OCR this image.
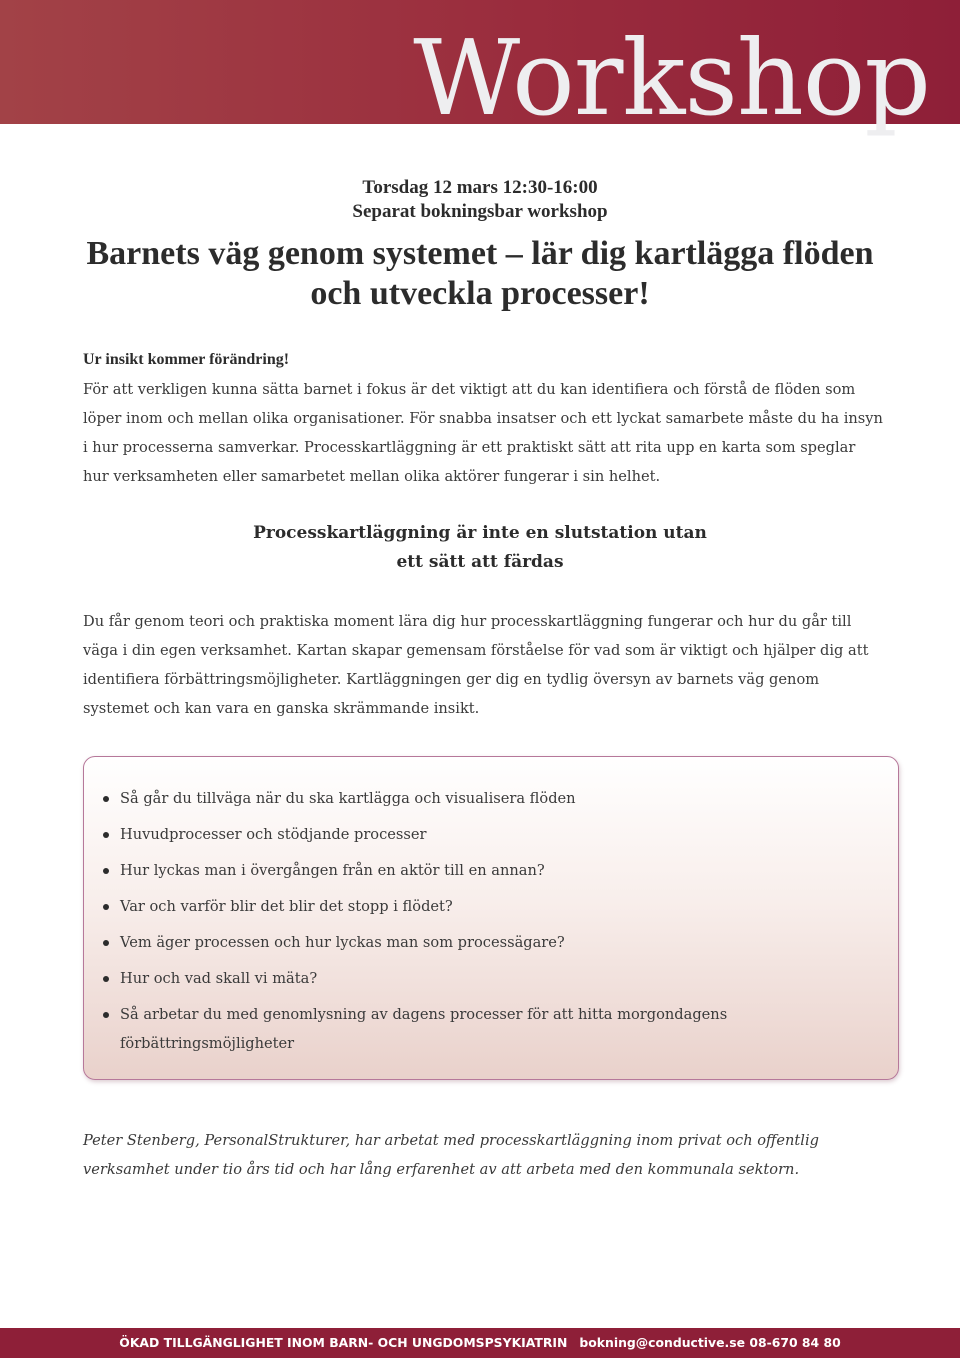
Workshop
Torsdag 12 mars 12:30-16:00
Separat bokningsbar workshop
Barnets väg genom systemet – lär dig kartlägga flöden och utveckla processer!
Ur insikt kommer förändring!

För att verkligen kunna sätta barnet i fokus är det viktigt att du kan identifiera och förstå de flöden som löper inom och mellan olika organisationer. För snabba insatser och ett lyckat samarbete måste du ha insyn i hur processerna samverkar. Processkartläggning är ett praktiskt sätt att rita upp en karta som speglar hur verksamheten eller samarbetet mellan olika aktörer fungerar i sin helhet.

Processkartläggning är inte en slutstation utan
ett sätt att färdas

Du får genom teori och praktiska moment lära dig hur processkartläggning fungerar och hur du går till väga i din egen verksamhet. Kartan skapar gemensam förståelse för vad som är viktigt och hjälper dig att identifiera förbättringsmöjligheter. Kartläggningen ger dig en tydlig översyn av barnets väg genom systemet och kan vara en ganska skrämmande insikt.

Så går du tillväga när du ska kartlägga och visualisera flöden
Huvudprocesser och stödjande processer
Hur lyckas man i övergången från en aktör till en annan?
Var och varför blir det blir det stopp i flödet?
Vem äger processen och hur lyckas man som processägare?
Hur och vad skall vi mäta?
Så arbetar du med genomlysning av dagens processer för att hitta morgondagens förbättringsmöjligheter

Peter Stenberg, PersonalStrukturer, har arbetat med processkartläggning inom privat och offentlig verksamhet under tio års tid och har lång erfarenhet av att arbeta med den kommunala sektorn.

ÖKAD TILLGÄNGLIGHET INOM BARN- OCH UNGDOMSPSYKIATRIN bokning@conductive.se 08-670 84 80
